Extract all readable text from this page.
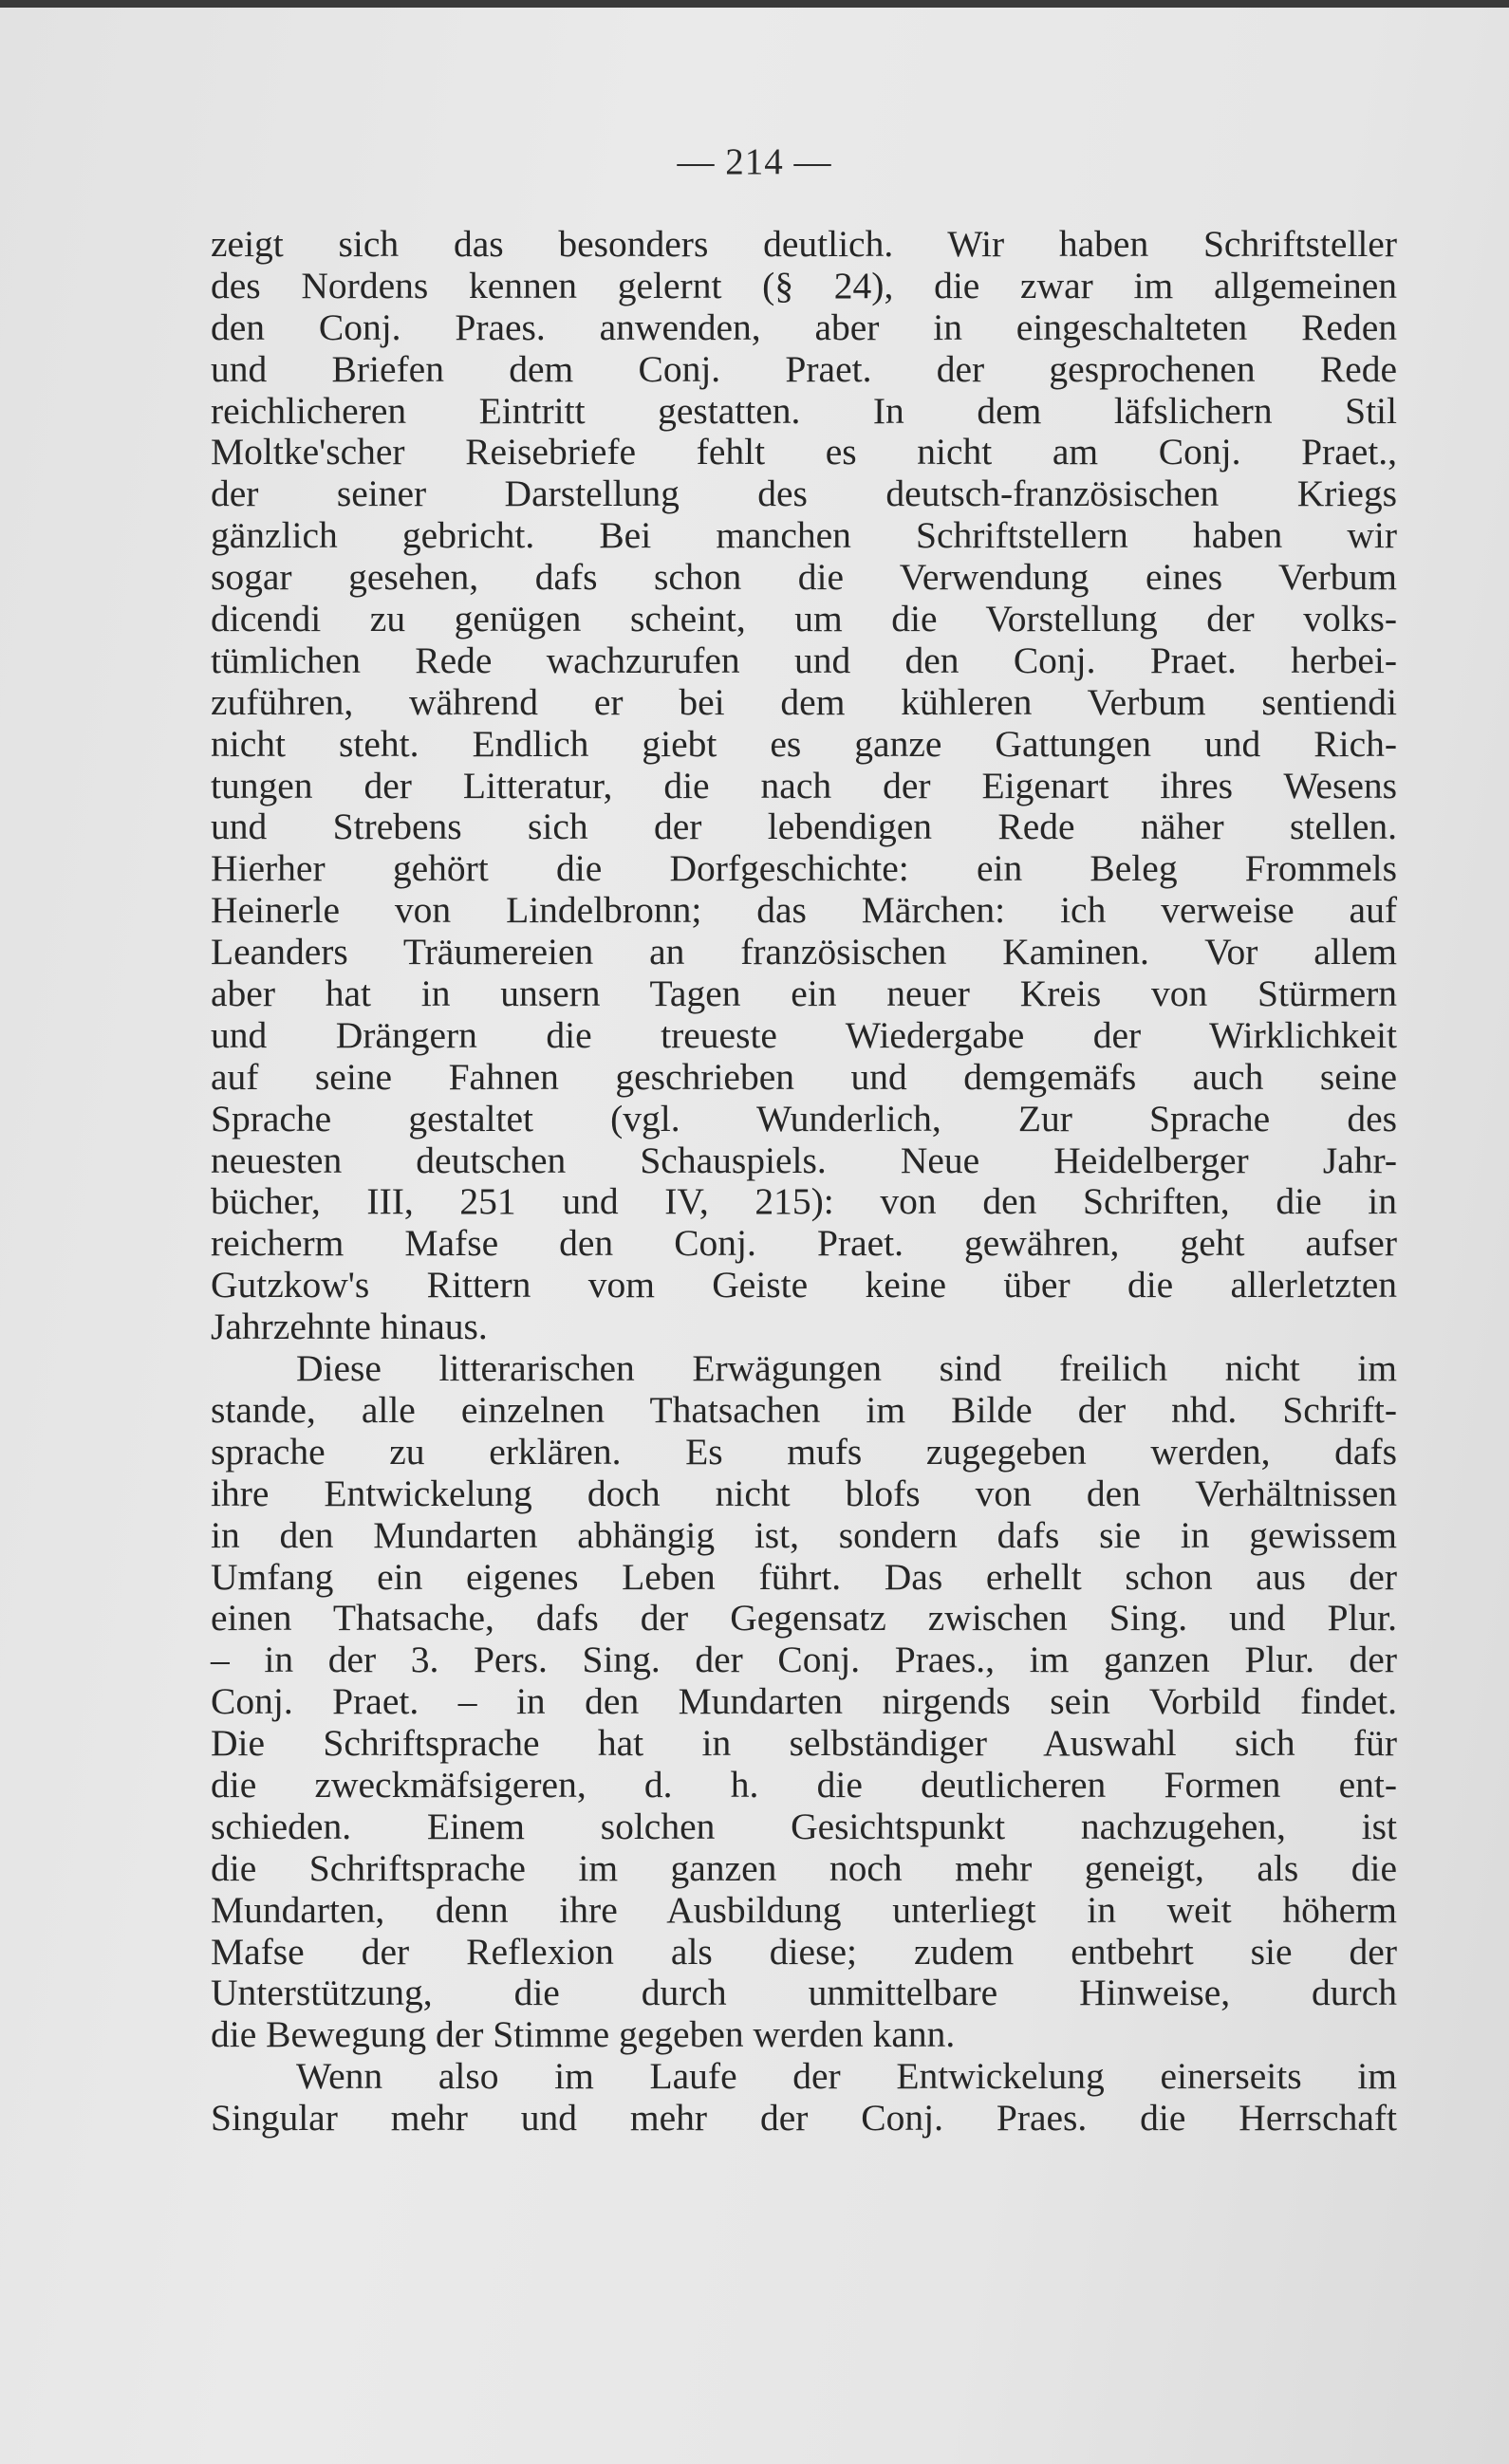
— 214 —
zeigt sich das besonders deutlich. Wir haben Schriftsteller
des Nordens kennen gelernt (§ 24), die zwar im allgemeinen
den Conj. Praes. anwenden, aber in eingeschalteten Reden
und Briefen dem Conj. Praet. der gesprochenen Rede
reichlicheren Eintritt gestatten. In dem läfslichern Stil
Moltke'scher Reisebriefe fehlt es nicht am Conj. Praet.,
der seiner Darstellung des deutsch-französischen Kriegs
gänzlich gebricht. Bei manchen Schriftstellern haben wir
sogar gesehen, dafs schon die Verwendung eines Verbum
dicendi zu genügen scheint, um die Vorstellung der volks-
tümlichen Rede wachzurufen und den Conj. Praet. herbei-
zuführen, während er bei dem kühleren Verbum sentiendi
nicht steht. Endlich giebt es ganze Gattungen und Rich-
tungen der Litteratur, die nach der Eigenart ihres Wesens
und Strebens sich der lebendigen Rede näher stellen.
Hierher gehört die Dorfgeschichte: ein Beleg Frommels
Heinerle von Lindelbronn; das Märchen: ich verweise auf
Leanders Träumereien an französischen Kaminen. Vor allem
aber hat in unsern Tagen ein neuer Kreis von Stürmern
und Drängern die treueste Wiedergabe der Wirklichkeit
auf seine Fahnen geschrieben und demgemäfs auch seine
Sprache gestaltet (vgl. Wunderlich, Zur Sprache des
neuesten deutschen Schauspiels. Neue Heidelberger Jahr-
bücher, III, 251 und IV, 215): von den Schriften, die in
reicherm Mafse den Conj. Praet. gewähren, geht aufser
Gutzkow's Rittern vom Geiste keine über die allerletzten
Jahrzehnte hinaus.
Diese litterarischen Erwägungen sind freilich nicht im
stande, alle einzelnen Thatsachen im Bilde der nhd. Schrift-
sprache zu erklären. Es mufs zugegeben werden, dafs
ihre Entwickelung doch nicht blofs von den Verhältnissen
in den Mundarten abhängig ist, sondern dafs sie in gewissem
Umfang ein eigenes Leben führt. Das erhellt schon aus der
einen Thatsache, dafs der Gegensatz zwischen Sing. und Plur.
– in der 3. Pers. Sing. der Conj. Praes., im ganzen Plur. der
Conj. Praet. – in den Mundarten nirgends sein Vorbild findet.
Die Schriftsprache hat in selbständiger Auswahl sich für
die zweckmäfsigeren, d. h. die deutlicheren Formen ent-
schieden. Einem solchen Gesichtspunkt nachzugehen, ist
die Schriftsprache im ganzen noch mehr geneigt, als die
Mundarten, denn ihre Ausbildung unterliegt in weit höherm
Mafse der Reflexion als diese; zudem entbehrt sie der
Unterstützung, die durch unmittelbare Hinweise, durch
die Bewegung der Stimme gegeben werden kann.
Wenn also im Laufe der Entwickelung einerseits im
Singular mehr und mehr der Conj. Praes. die Herrschaft
